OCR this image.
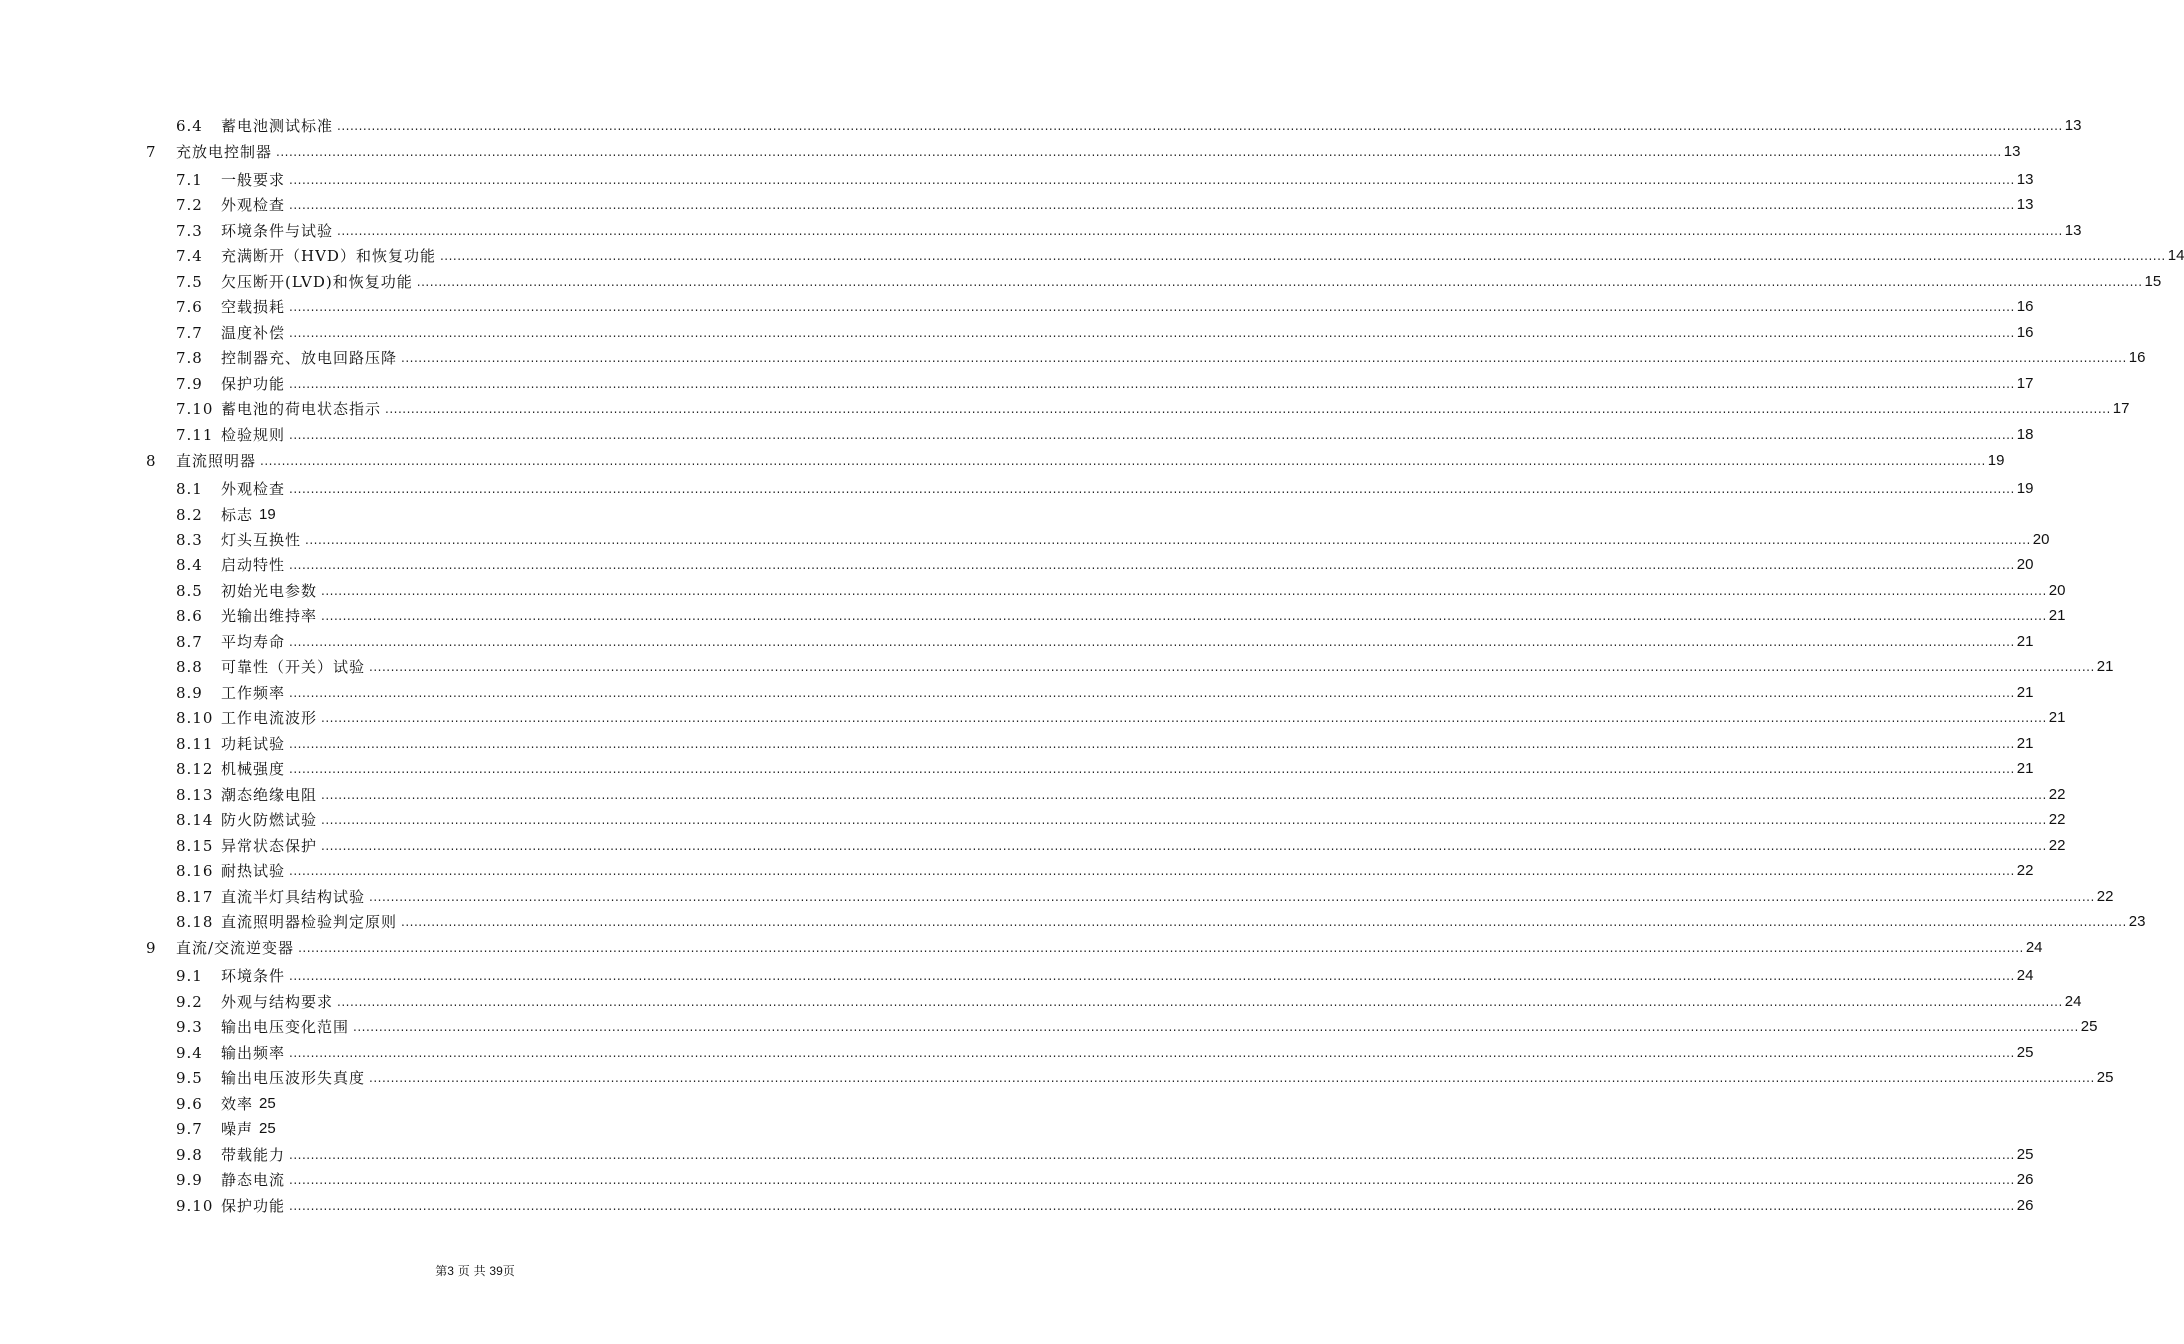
6.4	蓄电池测试标准 ................................................................................................................................................................................................................................................................................................................................................................................................................ 13
7	充放电控制器 ................................................................................................................................................................................................................................................................................................................................................................................................................ 13
7.1	一般要求 ................................................................................................................................................................................................................................................................................................................................................................................................................ 13
7.2	外观检查 ................................................................................................................................................................................................................................................................................................................................................................................................................ 13
7.3	环境条件与试验 ................................................................................................................................................................................................................................................................................................................................................................................................................ 13
7.4	充满断开（HVD）和恢复功能 ................................................................................................................................................................................................................................................................................................................................................................................................................ 14
7.5	欠压断开(LVD)和恢复功能 ................................................................................................................................................................................................................................................................................................................................................................................................................ 15
7.6	空载损耗 ................................................................................................................................................................................................................................................................................................................................................................................................................ 16
7.7	温度补偿 ................................................................................................................................................................................................................................................................................................................................................................................................................ 16
7.8	控制器充、放电回路压降 ................................................................................................................................................................................................................................................................................................................................................................................................................ 16
7.9	保护功能 ................................................................................................................................................................................................................................................................................................................................................................................................................ 17
7.10 蓄电池的荷电状态指示 ................................................................................................................................................................................................................................................................................................................................................................................................................ 17
7.11 检验规则 ................................................................................................................................................................................................................................................................................................................................................................................................................ 18
8	直流照明器 ................................................................................................................................................................................................................................................................................................................................................................................................................ 19
8.1	外观检查 ................................................................................................................................................................................................................................................................................................................................................................................................................ 19
8.2	标志 19
8.3	灯头互换性 ................................................................................................................................................................................................................................................................................................................................................................................................................ 20
8.4	启动特性 ................................................................................................................................................................................................................................................................................................................................................................................................................ 20
8.5	初始光电参数 ................................................................................................................................................................................................................................................................................................................................................................................................................ 20
8.6	光输出维持率 ................................................................................................................................................................................................................................................................................................................................................................................................................ 21
8.7	平均寿命 ................................................................................................................................................................................................................................................................................................................................................................................................................ 21
8.8	可靠性（开关）试验 ................................................................................................................................................................................................................................................................................................................................................................................................................ 21
8.9	工作频率 ................................................................................................................................................................................................................................................................................................................................................................................................................ 21
8.10 工作电流波形 ................................................................................................................................................................................................................................................................................................................................................................................................................ 21
8.11 功耗试验 ................................................................................................................................................................................................................................................................................................................................................................................................................ 21
8.12 机械强度 ................................................................................................................................................................................................................................................................................................................................................................................................................ 21
8.13 潮态绝缘电阻 ................................................................................................................................................................................................................................................................................................................................................................................................................ 22
8.14 防火防燃试验 ................................................................................................................................................................................................................................................................................................................................................................................................................ 22
8.15 异常状态保护 ................................................................................................................................................................................................................................................................................................................................................................................................................ 22
8.16 耐热试验 ................................................................................................................................................................................................................................................................................................................................................................................................................ 22
8.17 直流半灯具结构试验 ................................................................................................................................................................................................................................................................................................................................................................................................................ 22
8.18 直流照明器检验判定原则 ................................................................................................................................................................................................................................................................................................................................................................................................................ 23
9	直流/交流逆变器 ................................................................................................................................................................................................................................................................................................................................................................................................................ 24
9.1	环境条件 ................................................................................................................................................................................................................................................................................................................................................................................................................ 24
9.2	外观与结构要求 ................................................................................................................................................................................................................................................................................................................................................................................................................ 24
9.3	输出电压变化范围 ................................................................................................................................................................................................................................................................................................................................................................................................................ 25
9.4	输出频率 ................................................................................................................................................................................................................................................................................................................................................................................................................ 25
9.5	输出电压波形失真度 ................................................................................................................................................................................................................................................................................................................................................................................................................ 25
9.6	效率 25
9.7	噪声 25
9.8	带载能力 ................................................................................................................................................................................................................................................................................................................................................................................................................ 25
9.9	静态电流 ................................................................................................................................................................................................................................................................................................................................................................................................................ 26
9.10 保护功能 ................................................................................................................................................................................................................................................................................................................................................................................................................ 26
第3 页 共 39页
